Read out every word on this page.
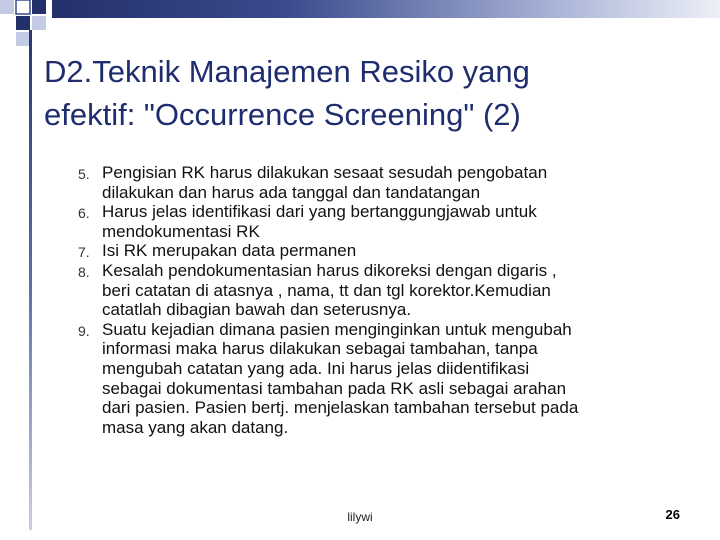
D2.Teknik Manajemen Resiko yang
efektif: "Occurrence Screening" (2)
5. Pengisian RK harus dilakukan sesaat sesudah pengobatan
dilakukan dan harus ada tanggal dan tandatangan
6. Harus jelas identifikasi dari yang bertanggungjawab untuk
mendokumentasi RK
7. Isi RK merupakan data permanen
8. Kesalah pendokumentasian harus dikoreksi dengan digaris ,
beri catatan di atasnya , nama, tt dan tgl korektor.Kemudian
catatlah dibagian bawah dan seterusnya.
9. Suatu kejadian dimana pasien menginginkan untuk mengubah
informasi maka harus dilakukan sebagai tambahan, tanpa
mengubah catatan yang ada. Ini harus jelas diidentifikasi
sebagai dokumentasi tambahan pada RK asli sebagai arahan
dari pasien. Pasien bertj. menjelaskan tambahan tersebut pada
masa yang akan datang.
lilywi	26
